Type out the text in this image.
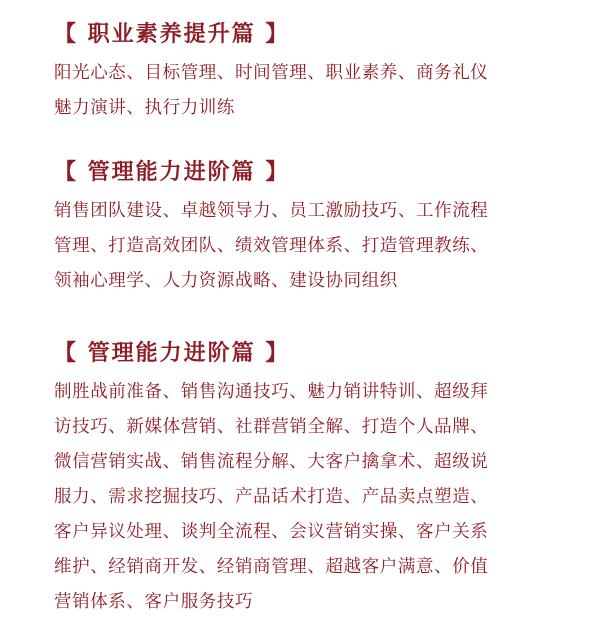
【 职业素养提升篇 】
阳光心态、目标管理、时间管理、职业素养、商务礼仪
魅力演讲、执行力训练
【 管理能力进阶篇 】
销售团队建设、卓越领导力、员工激励技巧、工作流程
管理、打造高效团队、绩效管理体系、打造管理教练、
领袖心理学、人力资源战略、建设协同组织
【 管理能力进阶篇 】
制胜战前准备、销售沟通技巧、魅力销讲特训、超级拜
访技巧、新媒体营销、社群营销全解、打造个人品牌、
微信营销实战、销售流程分解、大客户擒拿术、超级说
服力、需求挖掘技巧、产品话术打造、产品卖点塑造、
客户异议处理、谈判全流程、会议营销实操、客户关系
维护、经销商开发、经销商管理、超越客户满意、价值
营销体系、客户服务技巧
